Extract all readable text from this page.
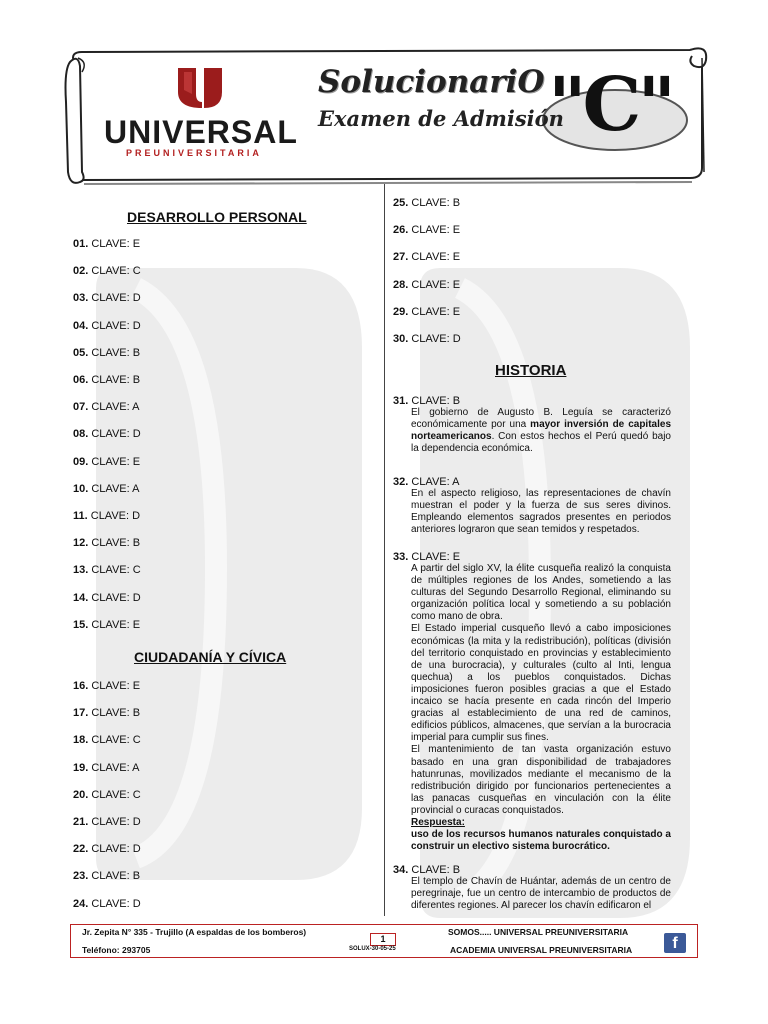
UNIVERSAL
PREUNIVERSITARIA
SolucionariO
Examen de Admisión
"C"
DESARROLLO PERSONAL
01. CLAVE: E
02. CLAVE: C
03. CLAVE: D
04. CLAVE: D
05. CLAVE: B
06. CLAVE: B
07. CLAVE: A
08. CLAVE: D
09. CLAVE: E
10. CLAVE: A
11. CLAVE: D
12. CLAVE: B
13. CLAVE: C
14. CLAVE: D
15. CLAVE: E
CIUDADANÍA Y CÍVICA
16. CLAVE: E
17. CLAVE: B
18. CLAVE: C
19. CLAVE: A
20. CLAVE: C
21. CLAVE: D
22. CLAVE: D
23. CLAVE: B
24. CLAVE: D
25. CLAVE: B
26. CLAVE: E
27. CLAVE: E
28. CLAVE: E
29. CLAVE: E
30. CLAVE: D
HISTORIA
31. CLAVE: B

El gobierno de Augusto B. Leguía se caracterizó económicamente por una mayor inversión de capitales norteamericanos. Con estos hechos el Perú quedó bajo la dependencia económica.

32. CLAVE: A

En el aspecto religioso, las representaciones de chavín muestran el poder y la fuerza de sus seres divinos. Empleando elementos sagrados presentes en periodos anteriores lograron que sean temidos y respetados.

33. CLAVE: E

A partir del siglo XV, la élite cusqueña realizó la conquista de múltiples regiones de los Andes, sometiendo a las culturas del Segundo Desarrollo Regional, eliminando su organización política local y sometiendo a su población como mano de obra.

El Estado imperial cusqueño llevó a cabo imposiciones económicas (la mita y la redistribución), políticas (división del territorio conquistado en provincias y establecimiento de una burocracia), y culturales (culto al Inti, lengua quechua) a los pueblos conquistados. Dichas imposiciones fueron posibles gracias a que el Estado incaico se hacía presente en cada rincón del Imperio gracias al establecimiento de una red de caminos, edificios públicos, almacenes, que servían a la burocracia imperial para cumplir sus fines.

El mantenimiento de tan vasta organización estuvo basado en una gran disponibilidad de trabajadores hatunrunas, movilizados mediante el mecanismo de la redistribución dirigido por funcionarios pertenecientes a las panacas cusqueñas en vinculación con la élite provincial o curacas conquistados.

Respuesta:

uso de los recursos humanos naturales conquistado a construir un electivo sistema burocrático.

34. CLAVE: B

El templo de Chavín de Huántar, además de un centro de peregrinaje, fue un centro de intercambio de productos de diferentes regiones. Al parecer los chavín edificaron el

Jr. Zepita N° 335 - Trujillo (A espaldas de los bomberos)
Teléfono: 293705
1
SOLUX-30-05-25
SOMOS..... UNIVERSAL PREUNIVERSITARIA
ACADEMIA UNIVERSAL PREUNIVERSITARIA	f
